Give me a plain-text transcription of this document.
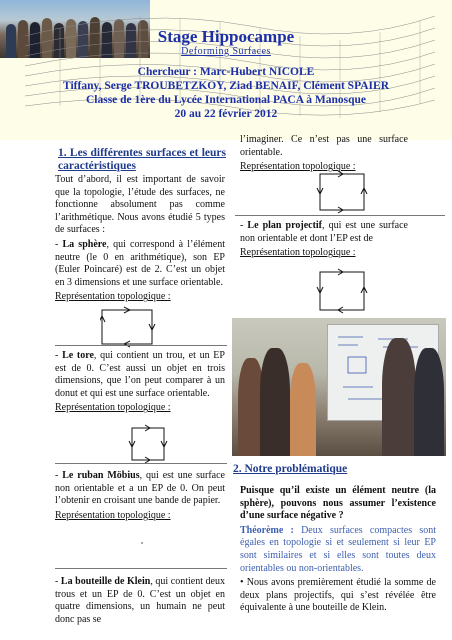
Stage Hippocampe
Deforming Surfaces
Chercheur : Marc-Hubert NICOLE
Tiffany, Serge TROUBETZKOY, Ziad BENAIF, Clément SPAIER
Classe de 1ère du Lycée International PACA à Manosque
20 au 22 février 2012
1. Les différentes surfaces et leurs caractéristiques

Tout d’abord, il est important de savoir que la topologie, l’étude des surfaces, ne fonctionne absolument pas comme l’arithmétique. Nous avons étudié 5 types de surfaces :

- La sphère, qui correspond à l’élément neutre (le 0 en arithmétique), son EP (Euler Poincaré) est de 2. C’est un objet en 3 dimensions et une surface orientable.

Représentation topologique :

- Le tore, qui contient un trou, et un EP est de 0. C’est aussi un objet en trois dimensions, que l’on peut comparer à un donut et qui est une surface orientable.

Représentation topologique :

- Le ruban Möbius, qui est une surface non orientable et a un EP de 0. On peut l’obtenir en croisant une bande de papier.

Représentation topologique :

- La bouteille de Klein, qui contient deux trous et un EP de 0. C’est un objet en quatre dimensions, un humain ne peut donc pas se

l’imaginer. Ce n’est pas une surface orientable.

Représentation topologique :

- Le plan projectif, qui est une surface non orientable et dont l’EP est de

Représentation topologique :

2. Notre problématique

Puisque qu’il existe un élément neutre (la sphère), pouvons nous assumer l’existence d’une surface négative ?

Théorème : Deux surfaces compactes sont égales en topologie si et seulement si leur EP sont similaires et si elles sont toutes deux orientables ou non-orientables.

• Nous avons premièrement étudié la somme de deux plans projectifs, qui s’est révélée être équivalente à une bouteille de Klein.
